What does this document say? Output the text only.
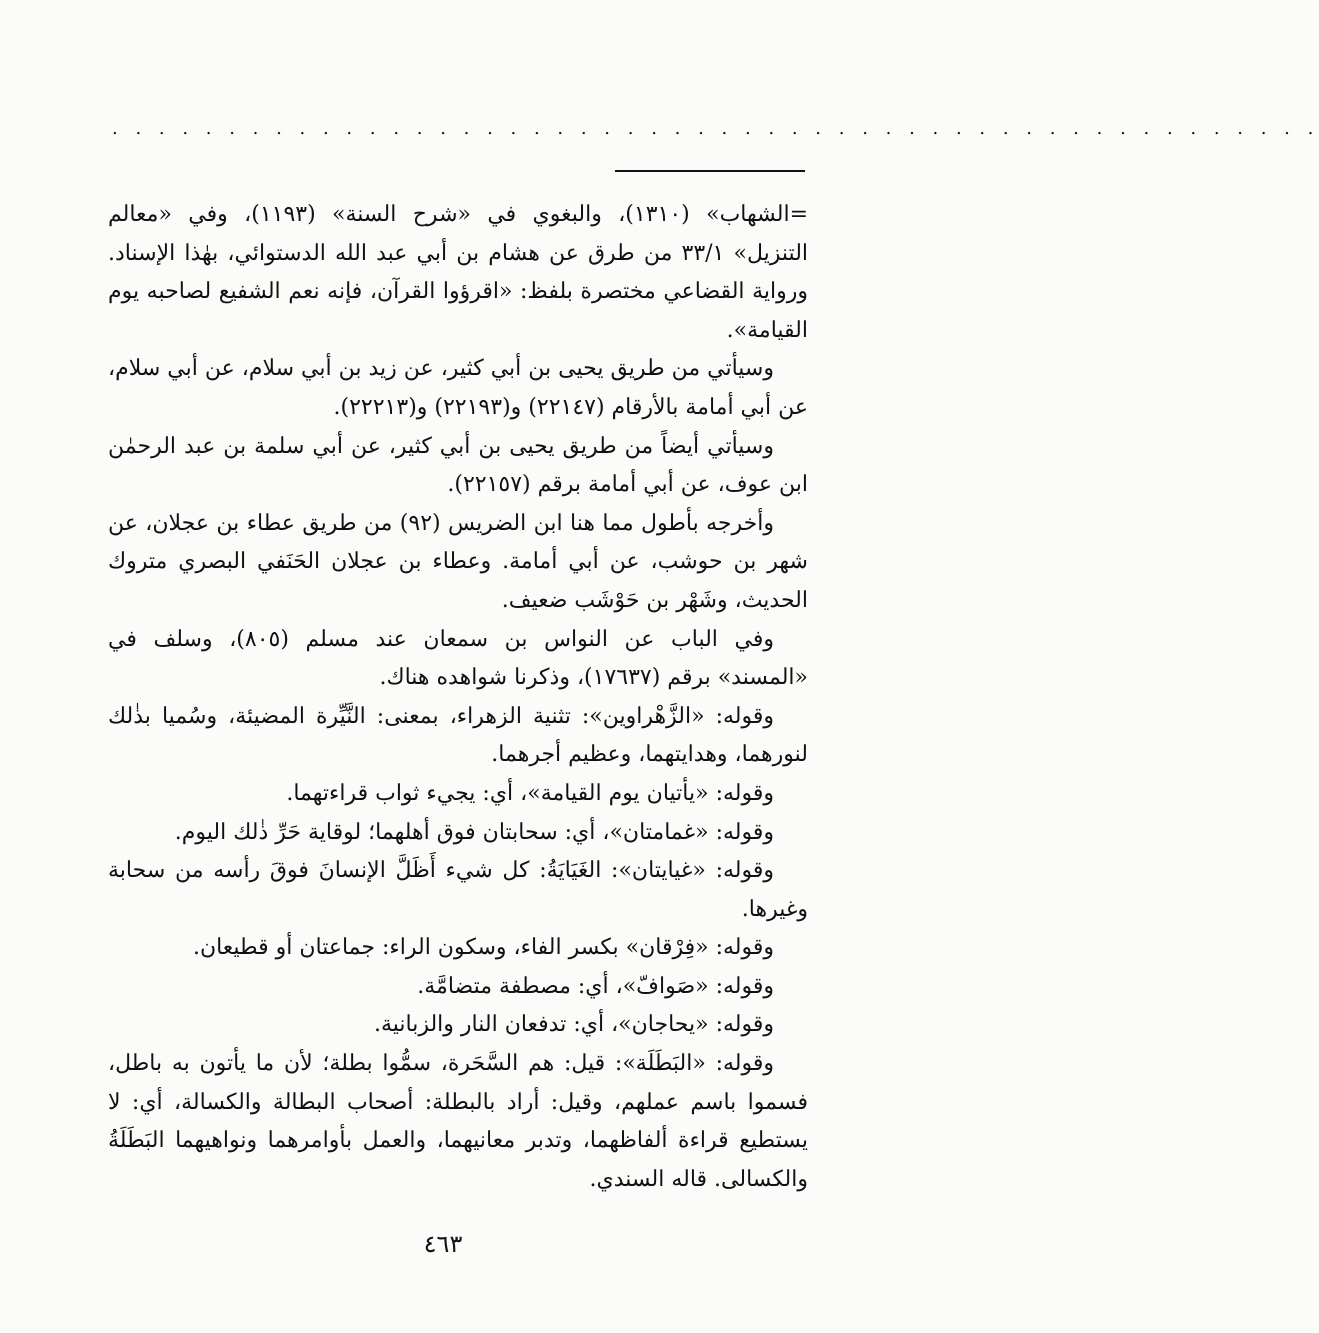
. . . . . . . . . . . . . . . . . . . . . . . . . . . . . . . . . . . . . . . . . . . . . . . . . . . .

=الشهاب» (١٣١٠)، والبغوي في «شرح السنة» (١١٩٣)، وفي «معالم التنزيل» ٣٣/١ من طرق عن هشام بن أبي عبد الله الدستوائي، بهٰذا الإسناد. ورواية القضاعي مختصرة بلفظ: «اقرؤوا القرآن، فإنه نعم الشفيع لصاحبه يوم القيامة».

وسيأتي من طريق يحيى بن أبي كثير، عن زيد بن أبي سلام، عن أبي سلام، عن أبي أمامة بالأرقام (٢٢١٤٧) و(٢٢١٩٣) و(٢٢٢١٣).

وسيأتي أيضاً من طريق يحيى بن أبي كثير، عن أبي سلمة بن عبد الرحمٰن ابن عوف، عن أبي أمامة برقم (٢٢١٥٧).

وأخرجه بأطول مما هنا ابن الضريس (٩٢) من طريق عطاء بن عجلان، عن شهر بن حوشب، عن أبي أمامة. وعطاء بن عجلان الحَنَفي البصري متروك الحديث، وشَهْر بن حَوْشَب ضعيف.

وفي الباب عن النواس بن سمعان عند مسلم (٨٠٥)، وسلف في «المسند» برقم (١٧٦٣٧)، وذكرنا شواهده هناك.

وقوله: «الزَّهْراوين»: تثنية الزهراء، بمعنى: النَّيِّرة المضيئة، وسُميا بذٰلك لنورهما، وهدايتهما، وعظيم أجرهما.

وقوله: «يأتيان يوم القيامة»، أي: يجيء ثواب قراءتهما.

وقوله: «غمامتان»، أي: سحابتان فوق أهلهما؛ لوقاية حَرِّ ذٰلك اليوم.

وقوله: «غيايتان»: الغَيَايَةُ: كل شيء أَظَلَّ الإنسانَ فوقَ رأسه من سحابة وغيرها.

وقوله: «فِرْقان» بكسر الفاء، وسكون الراء: جماعتان أو قطيعان.

وقوله: «صَوافّ»، أي: مصطفة متضامَّة.

وقوله: «يحاجان»، أي: تدفعان النار والزبانية.

وقوله: «البَطَلَة»: قيل: هم السَّحَرة، سمُّوا بطلة؛ لأن ما يأتون به باطل، فسموا باسم عملهم، وقيل: أراد بالبطلة: أصحاب البطالة والكسالة، أي: لا يستطيع قراءة ألفاظهما، وتدبر معانيهما، والعمل بأوامرهما ونواهيهما البَطَلَةُ والكسالى. قاله السندي.

٤٦٣
